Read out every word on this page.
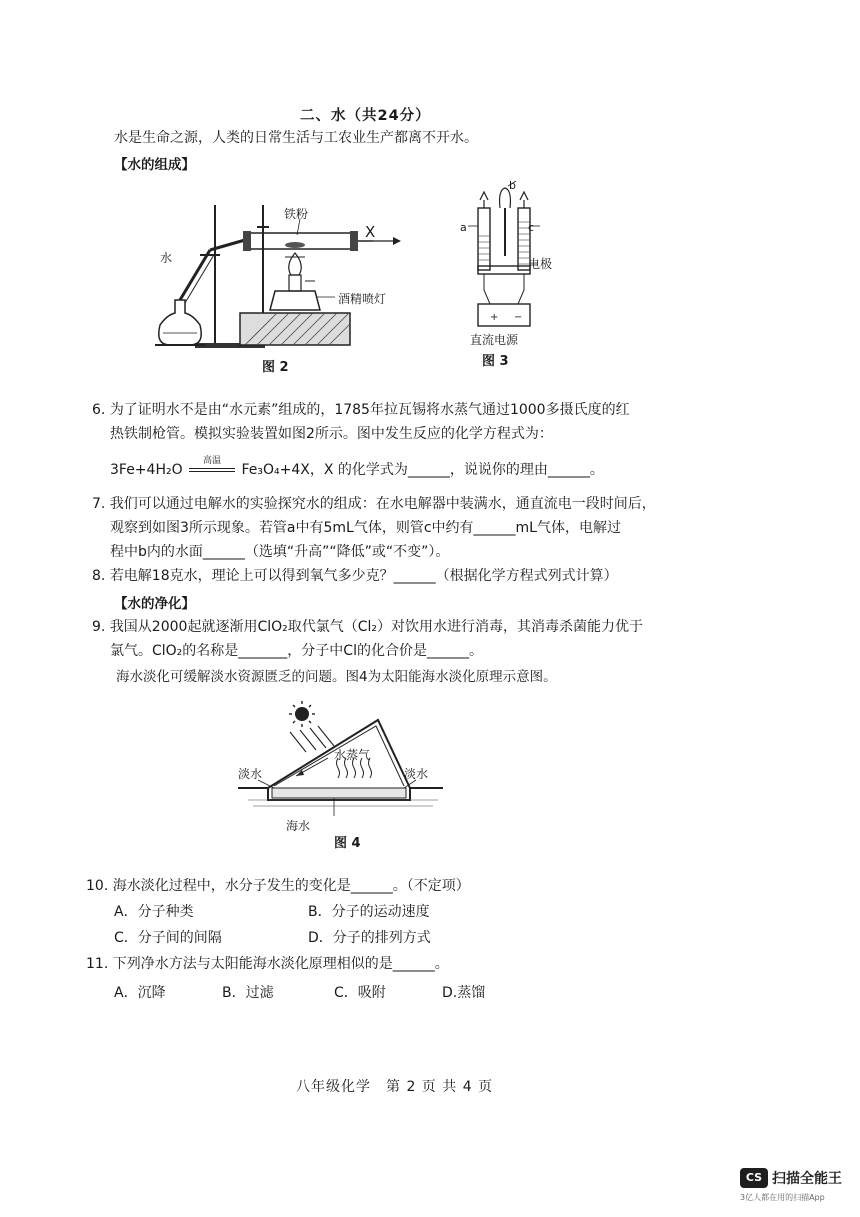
二、水（共24分）
水是生命之源，人类的日常生活与工农业生产都离不开水。
【水的组成】
铁粉
水
X
酒精喷灯
图 2
+ −
a
b
c
电极
直流电源
图 3
6. 为了证明水不是由“水元素”组成的，1785年拉瓦锡将水蒸气通过1000多摄氏度的红
热铁制枪管。模拟实验装置如图2所示。图中发生反应的化学方程式为：
3Fe+4H₂O
高温
Fe₃O₄+4X，X 的化学式为______，说说你的理由______。
7. 我们可以通过电解水的实验探究水的组成：在水电解器中装满水，通直流电一段时间后，
观察到如图3所示现象。若管a中有5mL气体，则管c中约有______mL气体，电解过
程中b内的水面______（选填“升高”“降低”或“不变”）。
8. 若电解18克水，理论上可以得到氧气多少克？______（根据化学方程式列式计算）
【水的净化】
9. 我国从2000起就逐渐用ClO₂取代氯气（Cl₂）对饮用水进行消毒，其消毒杀菌能力优于
氯气。ClO₂的名称是_______，分子中Cl的化合价是______。
海水淡化可缓解淡水资源匮乏的问题。图4为太阳能海水淡化原理示意图。
水蒸气
淡水	淡水
海水
图 4
10. 海水淡化过程中，水分子发生的变化是______。（不定项）
A．分子种类	B．分子的运动速度
C．分子间的间隔	D．分子的排列方式
11. 下列净水方法与太阳能海水淡化原理相似的是______。
A．沉降	B．过滤	C．吸附	D.蒸馏
八年级化学　第 2 页 共 4 页
CS 扫描全能王
3亿人都在用的扫描App
